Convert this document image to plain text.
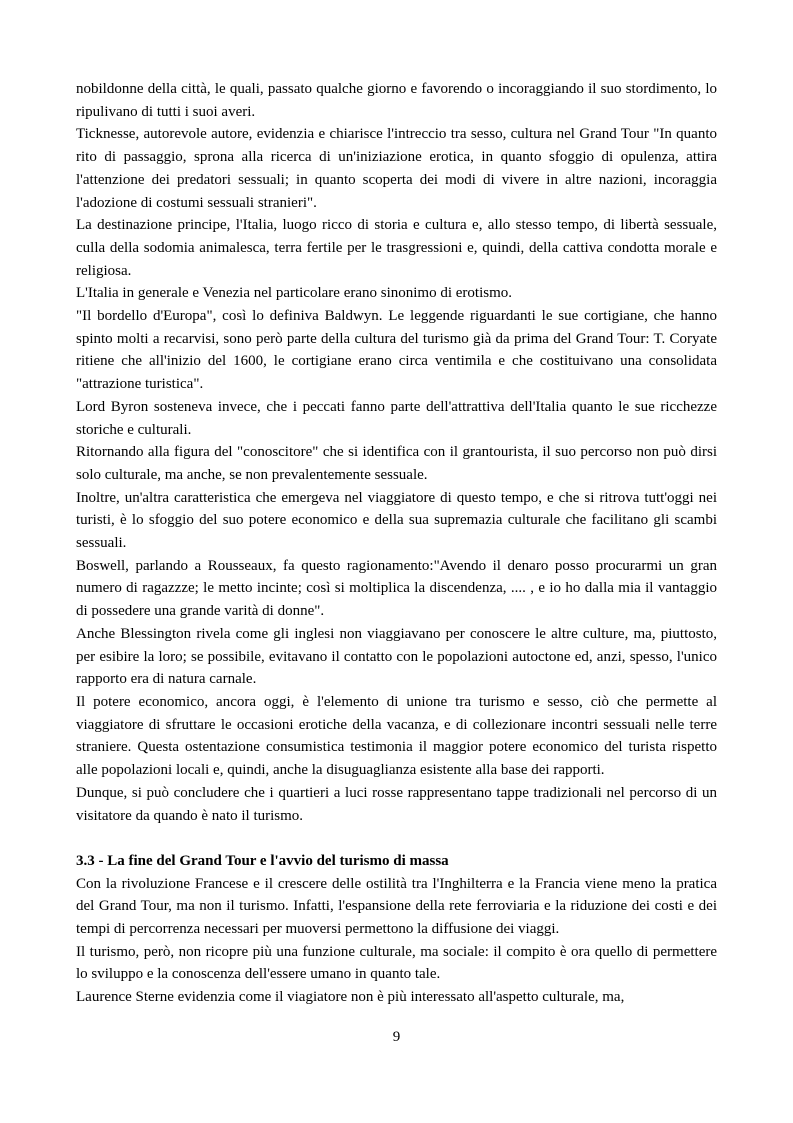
nobildonne della città, le quali, passato qualche giorno e favorendo o incoraggiando il suo stordimento, lo ripulivano di tutti i suoi averi.

Ticknesse, autorevole autore, evidenzia e chiarisce l'intreccio tra sesso, cultura nel Grand Tour "In quanto rito di passaggio, sprona alla ricerca di un'iniziazione erotica, in quanto sfoggio di opulenza, attira l'attenzione dei predatori sessuali; in quanto scoperta dei modi di vivere in altre nazioni, incoraggia l'adozione di costumi sessuali stranieri".

La destinazione principe, l'Italia, luogo ricco di storia e cultura e, allo stesso tempo, di libertà sessuale, culla della sodomia animalesca, terra fertile per le trasgressioni e, quindi, della cattiva condotta morale e religiosa.

L'Italia in generale e Venezia nel particolare erano sinonimo di erotismo.

"Il bordello d'Europa", così lo definiva Baldwyn. Le leggende riguardanti le sue cortigiane, che hanno spinto molti a recarvisi, sono però parte della cultura del turismo già da prima del Grand Tour: T. Coryate ritiene che all'inizio del 1600, le cortigiane erano circa ventimila e che costituivano una consolidata "attrazione turistica".

Lord Byron sosteneva invece, che i peccati fanno parte dell'attrattiva dell'Italia quanto le sue ricchezze storiche e culturali.

Ritornando alla figura del "conoscitore" che si identifica con il grantourista, il suo percorso non può dirsi solo culturale, ma anche, se non prevalentemente sessuale.

Inoltre, un'altra caratteristica che emergeva nel viaggiatore di questo tempo, e che si ritrova tutt'oggi nei turisti, è lo sfoggio del suo potere economico e della sua supremazia culturale che facilitano gli scambi sessuali.

Boswell, parlando a Rousseaux, fa questo ragionamento:"Avendo il denaro posso procurarmi un gran numero di ragazzze; le metto incinte; così si moltiplica la discendenza, .... , e io ho dalla mia il vantaggio di possedere una grande varità di donne".

Anche Blessington rivela come gli inglesi non viaggiavano per conoscere le altre culture, ma, piuttosto, per esibire la loro; se possibile, evitavano il contatto con le popolazioni autoctone ed, anzi, spesso, l'unico rapporto era di natura carnale.

Il potere economico, ancora oggi, è l'elemento di unione tra turismo e sesso, ciò che permette al viaggiatore di sfruttare le occasioni erotiche della vacanza, e di collezionare incontri sessuali nelle terre straniere. Questa ostentazione consumistica testimonia il maggior potere economico del turista rispetto alle popolazioni locali e, quindi, anche la disuguaglianza esistente alla base dei rapporti.

Dunque, si può concludere che i quartieri a luci rosse rappresentano tappe tradizionali nel percorso di un visitatore da quando è nato il turismo.

3.3 - La fine del Grand Tour e l'avvio del turismo di massa

Con la rivoluzione Francese e il crescere delle ostilità tra l'Inghilterra e la Francia viene meno la pratica del Grand Tour, ma non il turismo. Infatti, l'espansione della rete ferroviaria e la riduzione dei costi e dei tempi di percorrenza necessari per muoversi permettono la diffusione dei viaggi.

Il turismo, però, non ricopre più una funzione culturale, ma sociale: il compito è ora quello di permettere lo sviluppo e la conoscenza dell'essere umano in quanto tale.

Laurence Sterne evidenzia come il viagiatore non è più interessato all'aspetto culturale, ma,

9
